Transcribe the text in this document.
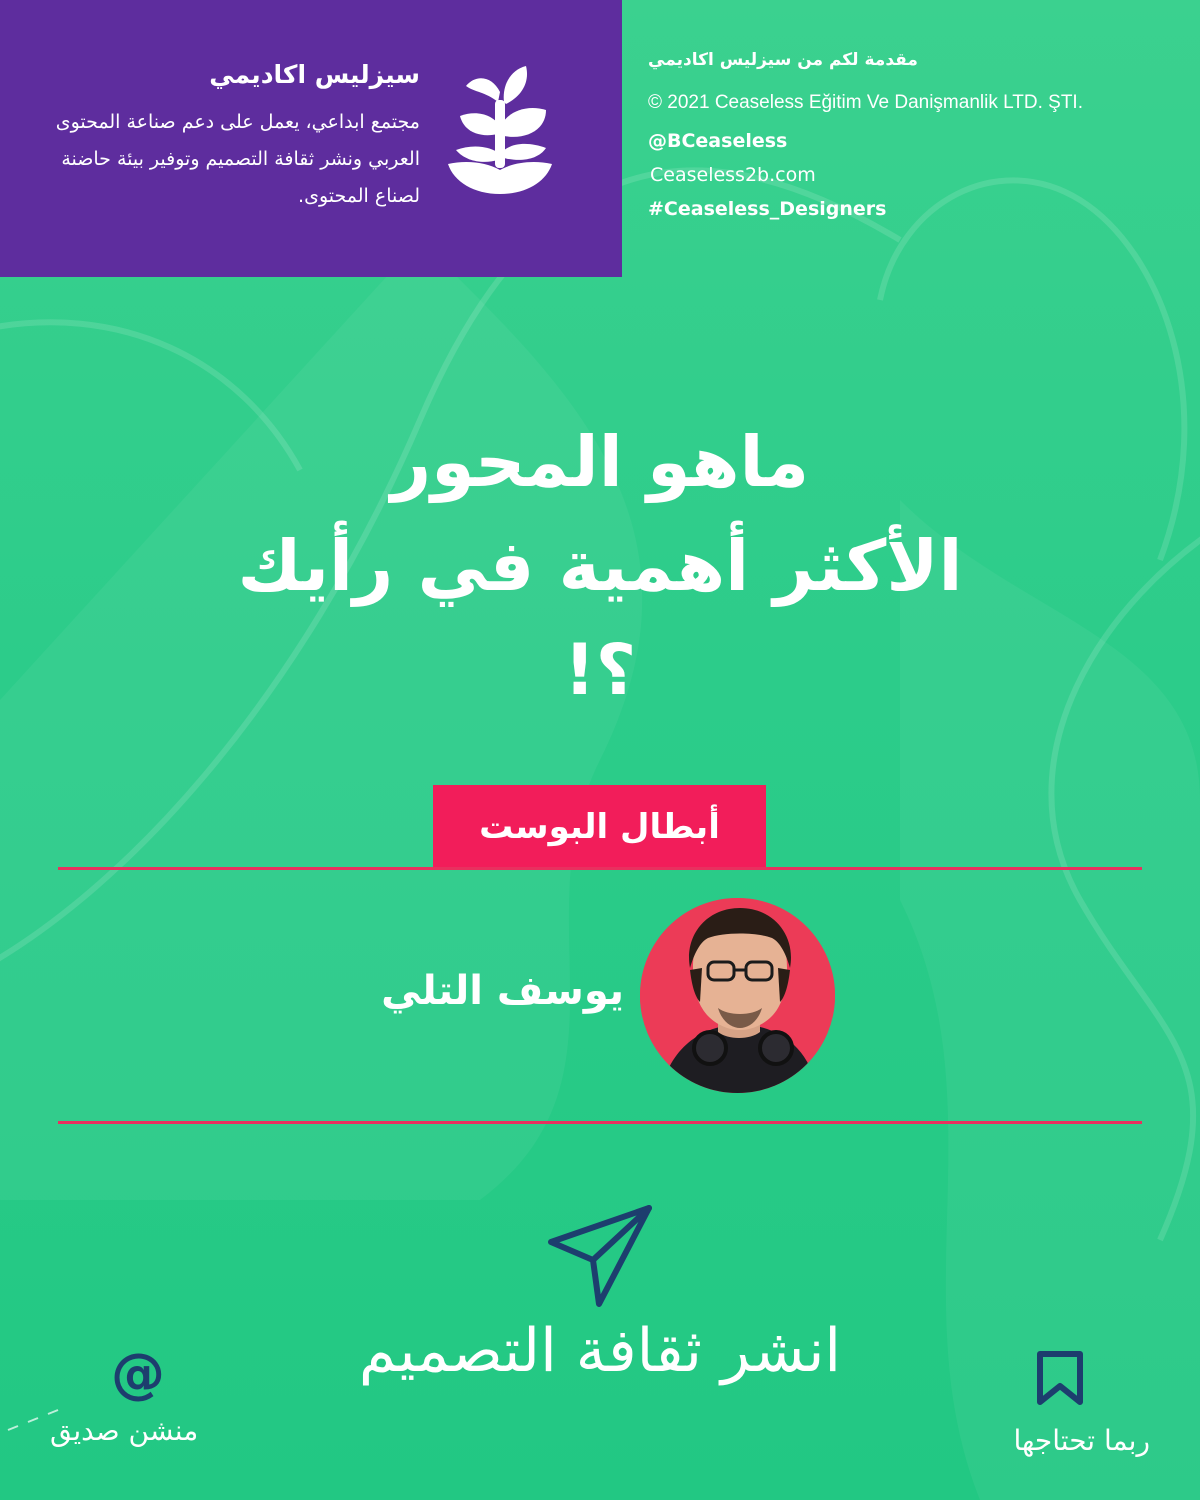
سيزليس اكاديمي
مجتمع ابداعي، يعمل على دعم صناعة المحتوى العربي ونشر ثقافة التصميم وتوفير بيئة حاضنة لصناع المحتوى.
مقدمة لكم من سيزليس اكاديمي
© 2021 Ceaseless Eğitim Ve Danişmanlik LTD. ŞTI.
@BCeaseless
Ceaseless2b.com
#Ceaseless_Designers
ماهو المحور
الأكثر أهمية في رأيك
؟!
أبطال البوست
يوسف التلي
انشر ثقافة التصميم
@
منشن صديق	ربما تحتاجها
